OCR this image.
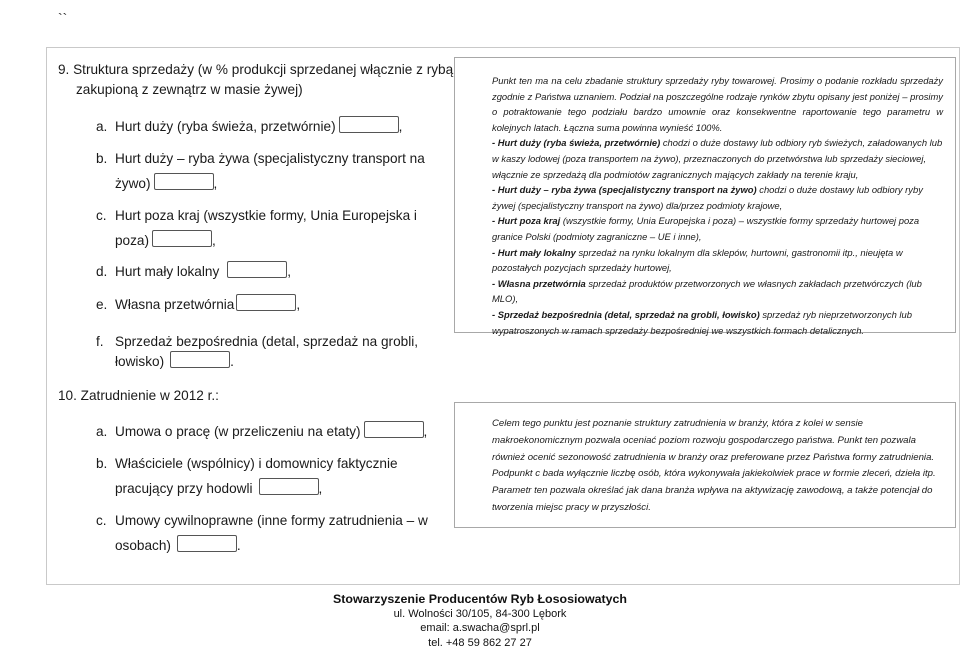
``
9. Struktura sprzedaży (w % produkcji sprzedanej włącznie z rybą
zakupioną z zewnątrz w masie żywej)
a. Hurt duży (ryba świeża, przetwórnie)	,
b. Hurt duży – ryba żywa (specjalistyczny transport na
żywo)	,
c. Hurt poza kraj (wszystkie formy, Unia Europejska i
poza)	,
d. Hurt mały lokalny	,
e. Własna przetwórnia	,
f. Sprzedaż bezpośrednia (detal, sprzedaż na grobli,
łowisko)	.
10. Zatrudnienie w 2012 r.:
a. Umowa o pracę (w przeliczeniu na etaty)	,
b. Właściciele (wspólnicy) i domownicy faktycznie
pracujący przy hodowli	,
c. Umowy cywilnoprawne (inne formy zatrudnienia – w
osobach)	.

Punkt ten ma na celu zbadanie struktury sprzedaży ryby towarowej. Prosimy o podanie rozkładu sprzedaży zgodnie z Państwa uznaniem. Podział na poszczególne rodzaje rynków zbytu opisany jest poniżej – prosimy o potraktowanie tego podziału bardzo umownie oraz konsekwentne raportowanie tego parametru w kolejnych latach. Łączna suma powinna wynieść 100%.

- Hurt duży (ryba świeża, przetwórnie) chodzi o duże dostawy lub odbiory ryb świeżych, załadowanych lub w kaszy lodowej (poza transportem na żywo), przeznaczonych do przetwórstwa lub sprzedaży sieciowej, włącznie ze sprzedażą dla podmiotów zagranicznych mających zakłady na terenie kraju,

- Hurt duży – ryba żywa (specjalistyczny transport na żywo) chodzi o duże dostawy lub odbiory ryby żywej (specjalistyczny transport na żywo) dla/przez podmioty krajowe,

- Hurt poza kraj (wszystkie formy, Unia Europejska i poza) – wszystkie formy sprzedaży hurtowej poza granice Polski (podmioty zagraniczne – UE i inne),

- Hurt mały lokalny sprzedaż na rynku lokalnym dla sklepów, hurtowni, gastronomii itp., nieujęta w pozostałych pozycjach sprzedaży hurtowej,

- Własna przetwórnia sprzedaż produktów przetworzonych we własnych zakładach przetwórczych (lub MLO),

- Sprzedaż bezpośrednia (detal, sprzedaż na grobli, łowisko) sprzedaż ryb nieprzetworzonych lub wypatroszonych w ramach sprzedaży bezpośredniej we wszystkich formach detalicznych.

Celem tego punktu jest poznanie struktury zatrudnienia w branży, która z kolei w sensie makroekonomicznym pozwala oceniać poziom rozwoju gospodarczego państwa. Punkt ten pozwala również ocenić sezonowość zatrudnienia w branży oraz preferowane przez Państwa formy zatrudnienia. Podpunkt c bada wyłącznie liczbę osób, która wykonywała jakiekolwiek prace w formie zleceń, dzieła itp. Parametr ten pozwala określać jak dana branża wpływa na aktywizację zawodową, a także potencjał do tworzenia miejsc pracy w przyszłości.

Stowarzyszenie Producentów Ryb Łososiowatych
ul. Wolności 30/105, 84-300 Lębork
email: a.swacha@sprl.pl
tel. +48 59 862 27 27
